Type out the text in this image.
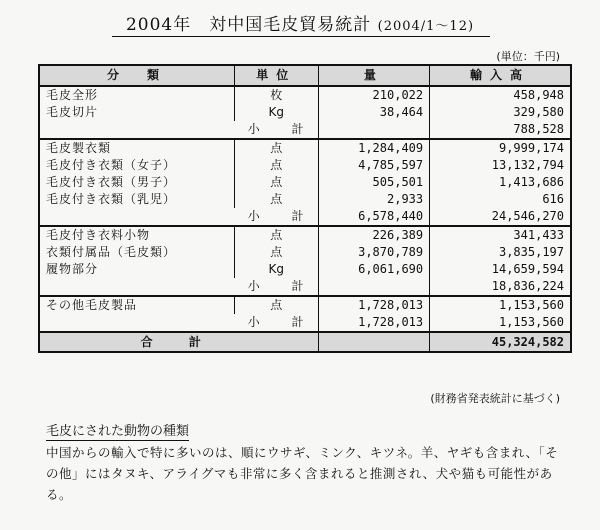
2004年　対中国毛皮貿易統計 (2004/1～12)
(単位：千円)
分　類	単位	量	輸入高
毛皮全形	枚	210,022	458,948
毛皮切片	Kg	38,464	329,580
小 計			788,528
毛皮製衣類	点	1,284,409	9,999,174
毛皮付き衣類（女子）	点	4,785,597	13,132,794
毛皮付き衣類（男子）	点	505,501	1,413,686
毛皮付き衣類（乳児）	点	2,933	616
小 計		6,578,440	24,546,270
毛皮付き衣料小物	点	226,389	341,433
衣類付属品（毛皮類）	点	3,870,789	3,835,197
履物部分	Kg	6,061,690	14,659,594
小 計			18,836,224
その他毛皮製品	点	1,728,013	1,153,560
小 計		1,728,013	1,153,560
合 計			45,324,582
(財務省発表統計に基づく)
毛皮にされた動物の種類
中国からの輸入で特に多いのは、順にウサギ、ミンク、キツネ。羊、ヤギも含まれ、「その他」にはタヌキ、アライグマも非常に多く含まれると推測され、犬や猫も可能性がある。
